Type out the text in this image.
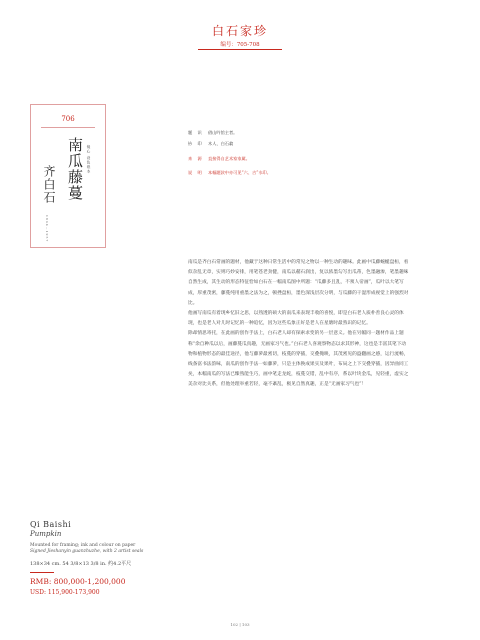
白石家珍
编号：705-708
706
镜心 设色纸本
南瓜藤蔓
齐白石
1864－1957
题 识 借山吟馆主者。
钤 印 木人、白石翁
来 源 直接得自艺术家家属。
说 明 本幅题款中亦可见“六、吉”水印。

南瓜是齐白石常画的题材，他藏于这种日常生活中的常见之物以一种生动的趣味。此画中瓜藤蜿蜒盘桓，看似杂乱无章，实则巧妙安排，用笔苍老劲健，南瓜以赭石润出，复以浓墨勾写出瓜蒂，色墨融渗，笔墨趣味自然生成，其生动的形态特征恰如白石在一幅南瓜图中所题：“瓜藤多且乱，不须人帝画”，瓜叶以大笔写成，厚重茂密，藤蔓纯用重墨之法为之，顿挫盘桓，墨色深浅层次分明，与瓜藤的干湿形成视觉上的强烈对比。

他画写南瓜有着现乡忆旧之思，以熟透的硕大的南瓜来表现丰收的喜悦，即是白石老人质朴善良心灵的体现，也是老人对儿时记忆的一种追忆，因为这些瓜象正好是老人在星塘时最熟识的记忆。

除却情思寄托，在此画的创作手法上，白石老人却有探索求变的另一层意义。他在另幅同一题材作品上题称“余自种瓜以后，画藤蔓瓜真趣，无画家习气也。”白石老人喜观察物态以求其形神，这也是丰富其笔下动物和植物形态的最佳途径，他与藤萝最密切，枝蔓的穿插，交叠掩映，其茂密见的盎翻画之感，运行流畅，线条富书法韵味，南瓜的创作手法一如藤萝，只是主体换成果实及果叶，布局之上下交叠穿插，因异曲同工矣，本幅南瓜的写法已臻熟能生巧，画中笔走龙蛇，枝蔓交错，乱中有序，系以叶块金瓜，见轻重，虚实之美杂对比关系，但他处理举重若轻，毫不紊乱，极见自然真趣，正是“无画家习气也”！

Qi Baishi
Pumpkin
Mounted for framing; ink and colour on paper
Signed Jieshanyin guanzhuzhe, with 2 artist seals
138×34 cm. 54 3/8×13 3/8 in. 约4.2平尺
RMB: 800,000-1,200,000
USD: 115,900-173,900
102 | 103
